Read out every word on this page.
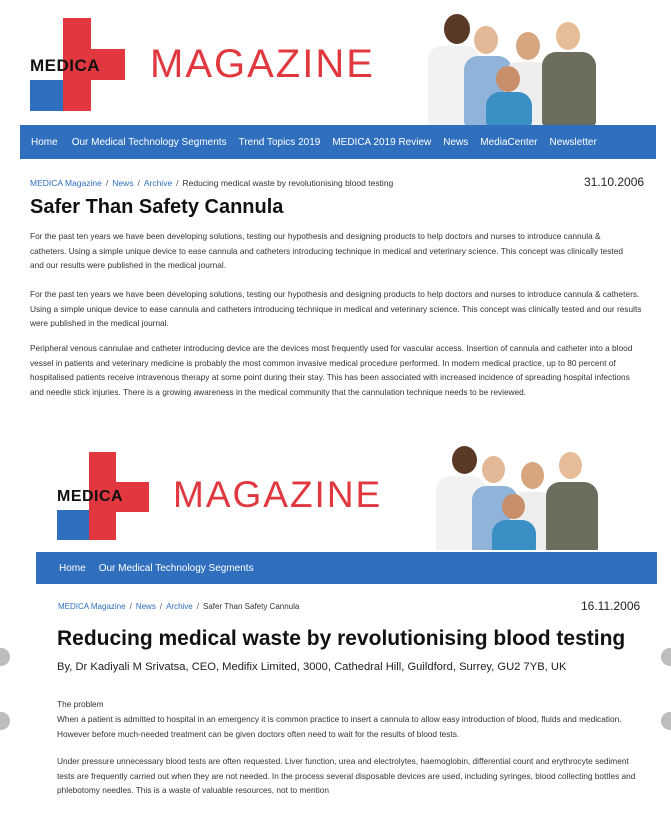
MEDICA MAGAZINE
Home Our Medical Technology Segments Trend Topics 2019 MEDICA 2019 Review News MediaCenter Newsletter
MEDICA Magazine / News / Archive / Reducing medical waste by revolutionising blood testing	31.10.2006
Safer Than Safety Cannula
For the past ten years we have been developing solutions, testing our hypothesis and designing products to help doctors and nurses to introduce cannula & catheters. Using a simple unique device to ease cannula and catheters introducing technique in medical and veterinary science. This concept was clinically tested and our results were published in the medical journal.
For the past ten years we have been developing solutions, testing our hypothesis and designing products to help doctors and nurses to introduce cannula & catheters. Using a simple unique device to ease cannula and catheters introducing technique in medical and veterinary science. This concept was clinically tested and our results were published in the medical journal.
Peripheral venous cannulae and catheter introducing device are the devices most frequently used for vascular access. Insertion of cannula and catheter into a blood vessel in patients and veterinary medicine is probably the most common invasive medical procedure performed. In modern medical practice, up to 80 percent of hospitalised patients receive intravenous therapy at some point during their stay. This has been associated with increased incidence of spreading hospital infections and needle stick injuries. There is a growing awareness in the medical community that the cannulation technique needs to be reviewed.
MEDICA MAGAZINE
Home Our Medical Technology Segments
MEDICA Magazine / News / Archive / Safer Than Safety Cannula	16.11.2006
Reducing medical waste by revolutionising blood testing
By, Dr Kadiyali M Srivatsa, CEO, Medifix Limited, 3000, Cathedral Hill, Guildford, Surrey, GU2 7YB, UK
The problem
When a patient is admitted to hospital in an emergency it is common practice to insert a cannula to allow easy introduction of blood, fluids and medication. However before much-needed treatment can be given doctors often need to wait for the results of blood tests.
Under pressure unnecessary blood tests are often requested. Liver function, urea and electrolytes, haemoglobin, differential count and erythrocyte sediment tests are frequently carried out when they are not needed. In the process several disposable devices are used, including syringes, blood collecting bottles and phlebotomy needles. This is a waste of valuable resources, not to mention
